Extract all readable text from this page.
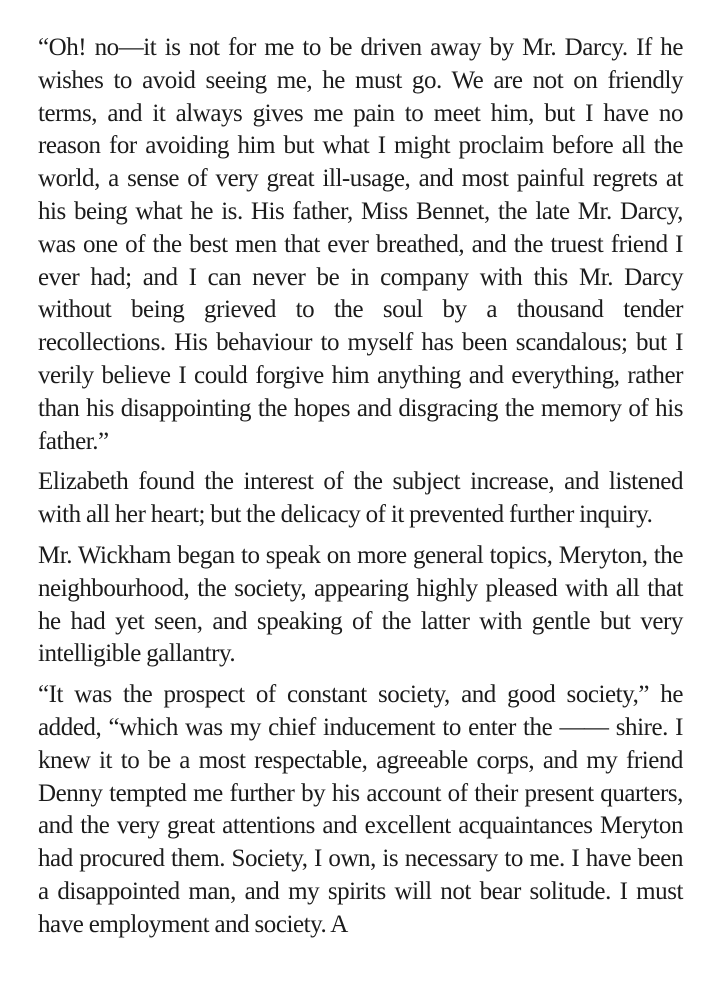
“Oh! no—it is not for me to be driven away by Mr. Darcy. If he wishes to avoid seeing me, he must go. We are not on friendly terms, and it always gives me pain to meet him, but I have no reason for avoiding him but what I might proclaim before all the world, a sense of very great ill-usage, and most painful regrets at his being what he is. His father, Miss Bennet, the late Mr. Darcy, was one of the best men that ever breathed, and the truest friend I ever had; and I can never be in company with this Mr. Darcy without being grieved to the soul by a thousand tender recollections. His behaviour to myself has been scandalous; but I verily believe I could forgive him anything and everything, rather than his disappointing the hopes and disgracing the memory of his father.”

Elizabeth found the interest of the subject increase, and listened with all her heart; but the delicacy of it prevented further inquiry.

Mr. Wickham began to speak on more general topics, Meryton, the neighbourhood, the society, appearing highly pleased with all that he had yet seen, and speaking of the latter with gentle but very intelligible gallantry.

“It was the prospect of constant society, and good society,” he added, “which was my chief inducement to enter the —— shire. I knew it to be a most respectable, agreeable corps, and my friend Denny tempted me further by his account of their present quarters, and the very great attentions and excellent acquaintances Meryton had procured them. Society, I own, is necessary to me. I have been a disappointed man, and my spirits will not bear solitude. I must have employment and society. A
